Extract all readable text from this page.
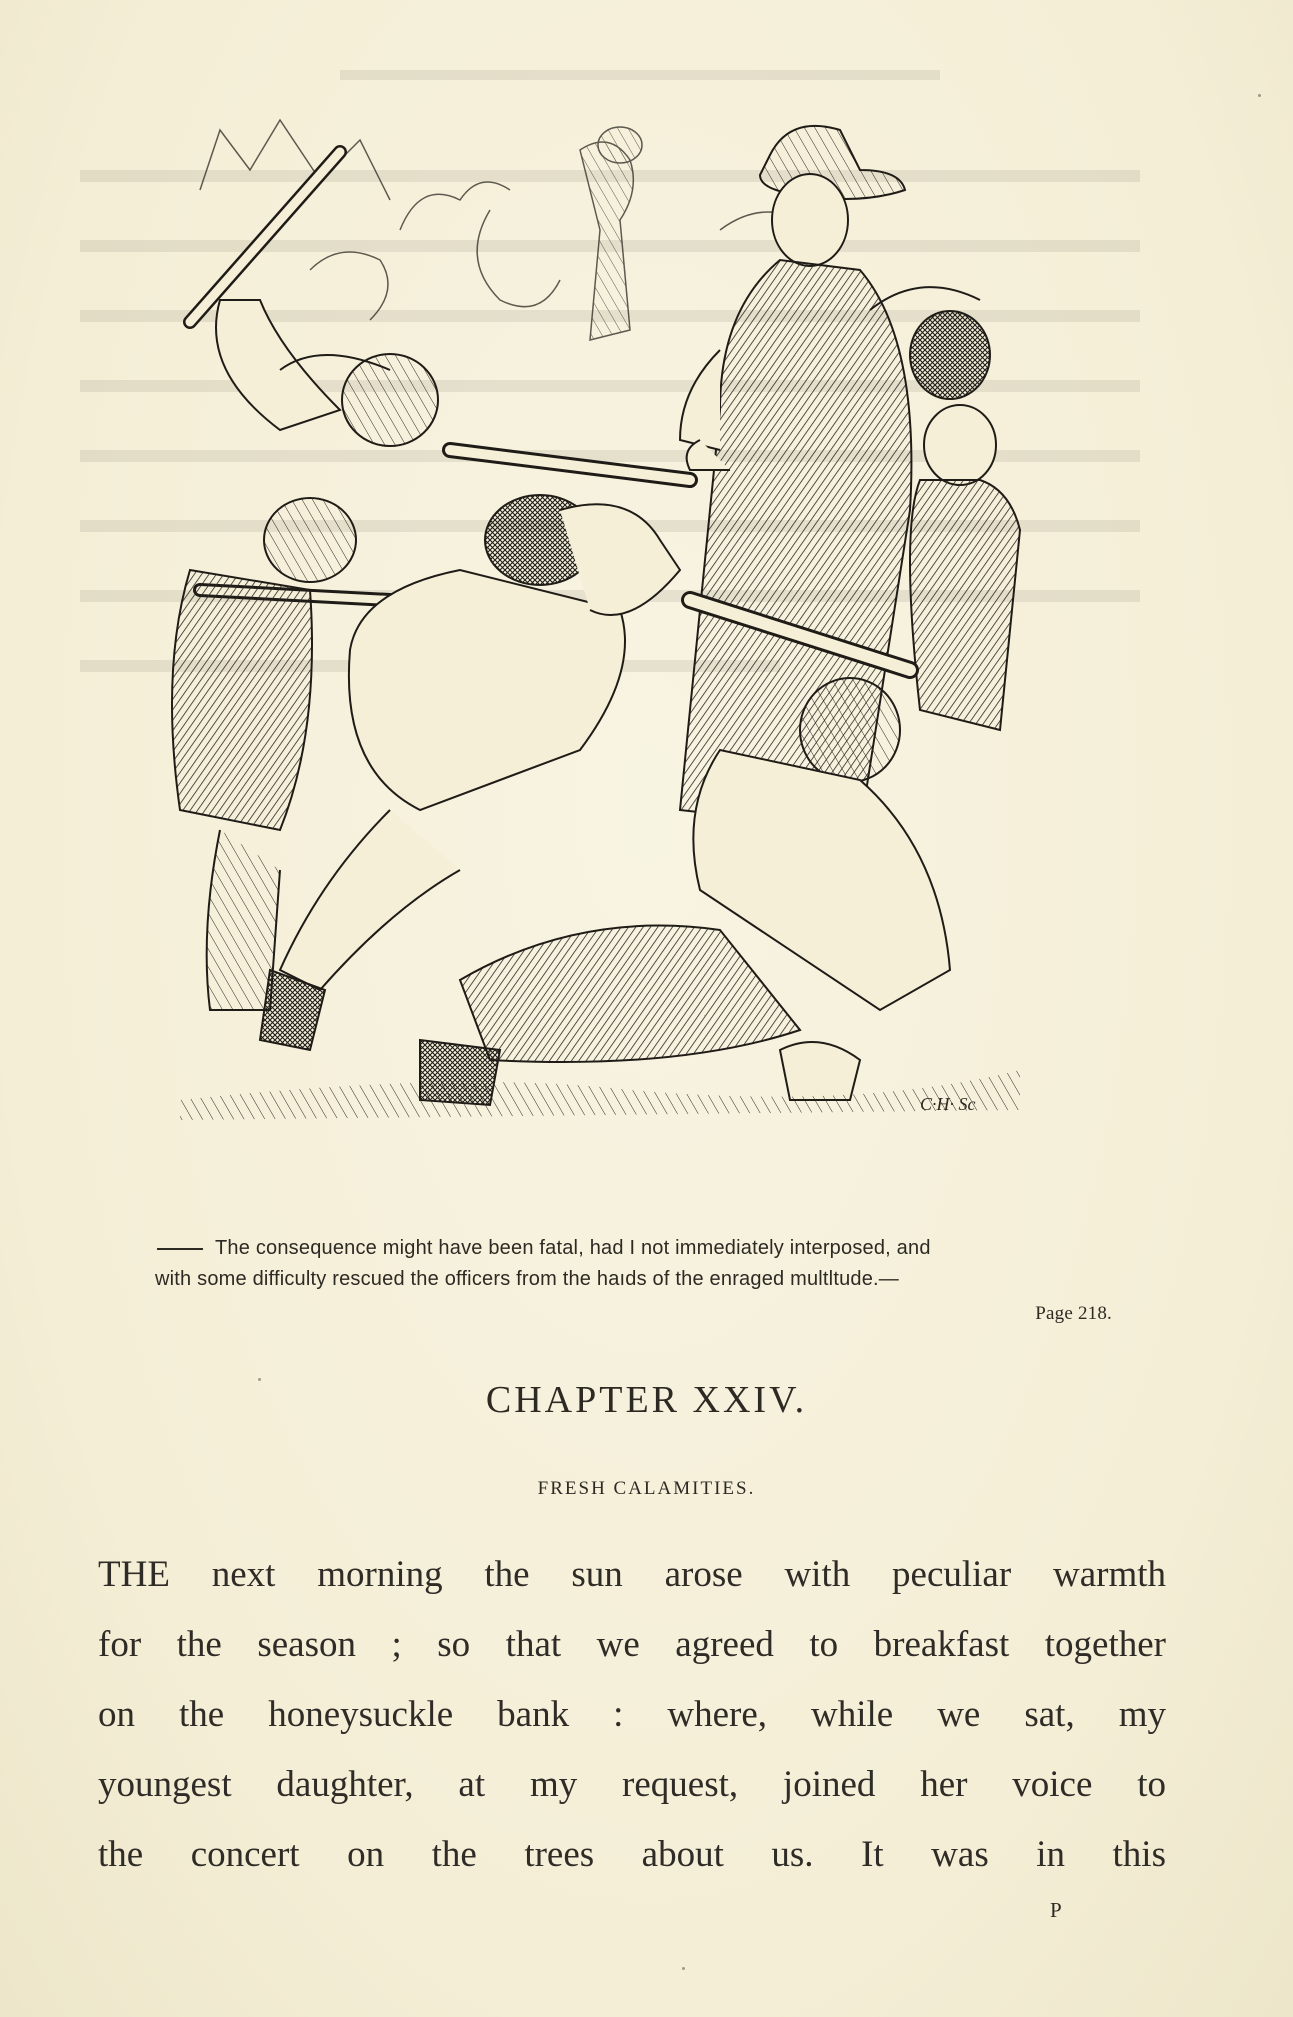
C·H· Sc
The consequence might have been fatal, had I not immediately interposed, and
with some difficulty rescued the officers from the haıds of the enraged multltude.—
Page 218.
CHAPTER XXIV.
FRESH CALAMITIES.
THE next morning the sun arose with peculiar warmth
for the season ; so that we agreed to breakfast together
on the honeysuckle bank : where, while we sat, my
youngest daughter, at my request, joined her voice to
the concert on the trees about us. It was in this
P
